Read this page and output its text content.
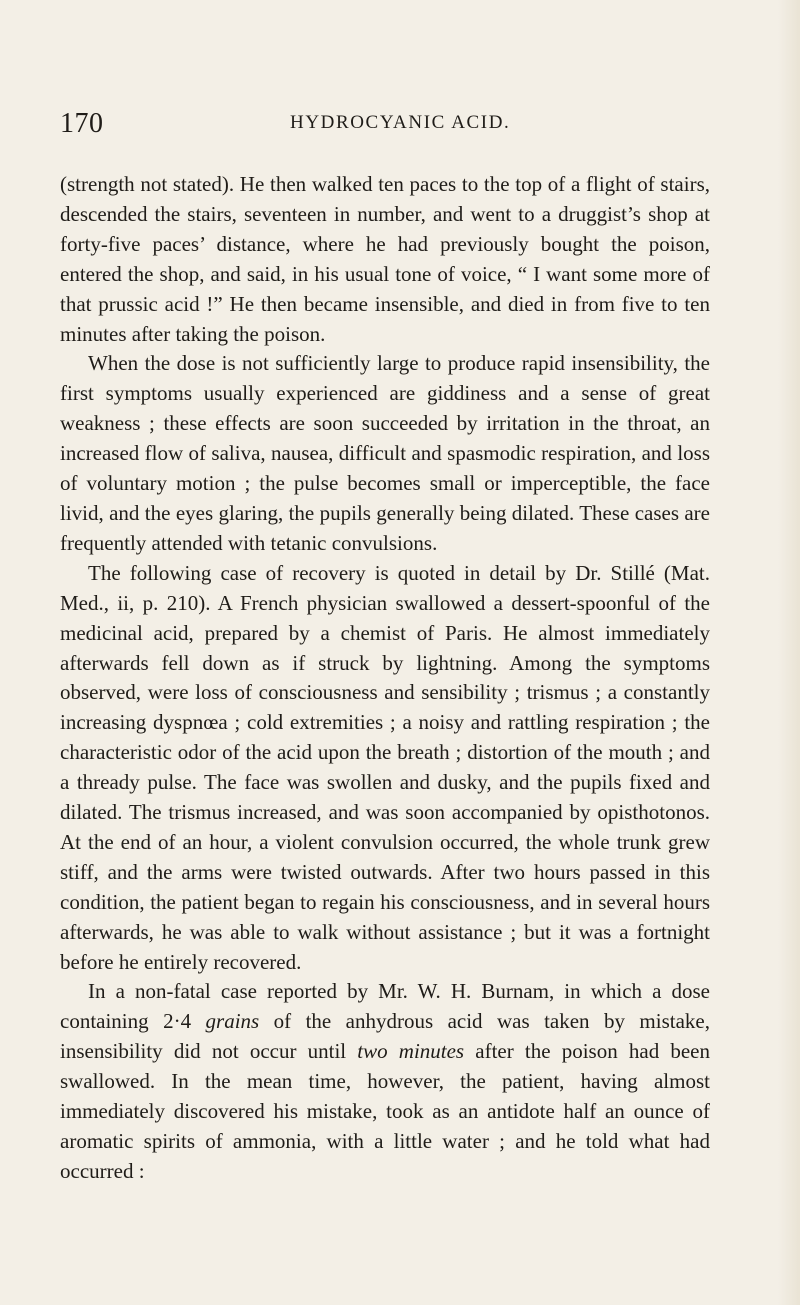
170	HYDROCYANIC ACID.

(strength not stated). He then walked ten paces to the top of a flight of stairs, descended the stairs, seventeen in number, and went to a druggist’s shop at forty-five paces’ distance, where he had previously bought the poison, entered the shop, and said, in his usual tone of voice, “ I want some more of that prussic acid !” He then became insensible, and died in from five to ten minutes after taking the poison.

When the dose is not sufficiently large to produce rapid insensibility, the first symptoms usually experienced are giddiness and a sense of great weakness ; these effects are soon succeeded by irritation in the throat, an increased flow of saliva, nausea, difficult and spasmodic respiration, and loss of voluntary motion ; the pulse becomes small or imperceptible, the face livid, and the eyes glaring, the pupils generally being dilated. These cases are frequently attended with tetanic convulsions.

The following case of recovery is quoted in detail by Dr. Stillé (Mat. Med., ii, p. 210). A French physician swallowed a dessert-spoonful of the medicinal acid, prepared by a chemist of Paris. He almost immediately afterwards fell down as if struck by lightning. Among the symptoms observed, were loss of consciousness and sensibility ; trismus ; a constantly increasing dyspnœa ; cold extremities ; a noisy and rattling respiration ; the characteristic odor of the acid upon the breath ; distortion of the mouth ; and a thready pulse. The face was swollen and dusky, and the pupils fixed and dilated. The trismus increased, and was soon accompanied by opisthotonos. At the end of an hour, a violent convulsion occurred, the whole trunk grew stiff, and the arms were twisted outwards. After two hours passed in this condition, the patient began to regain his consciousness, and in several hours afterwards, he was able to walk without assistance ; but it was a fortnight before he entirely recovered.

In a non-fatal case reported by Mr. W. H. Burnam, in which a dose containing 2·4 grains of the anhydrous acid was taken by mistake, insensibility did not occur until two minutes after the poison had been swallowed. In the mean time, however, the patient, having almost immediately discovered his mistake, took as an antidote half an ounce of aromatic spirits of ammonia, with a little water ; and he told what had occurred :
